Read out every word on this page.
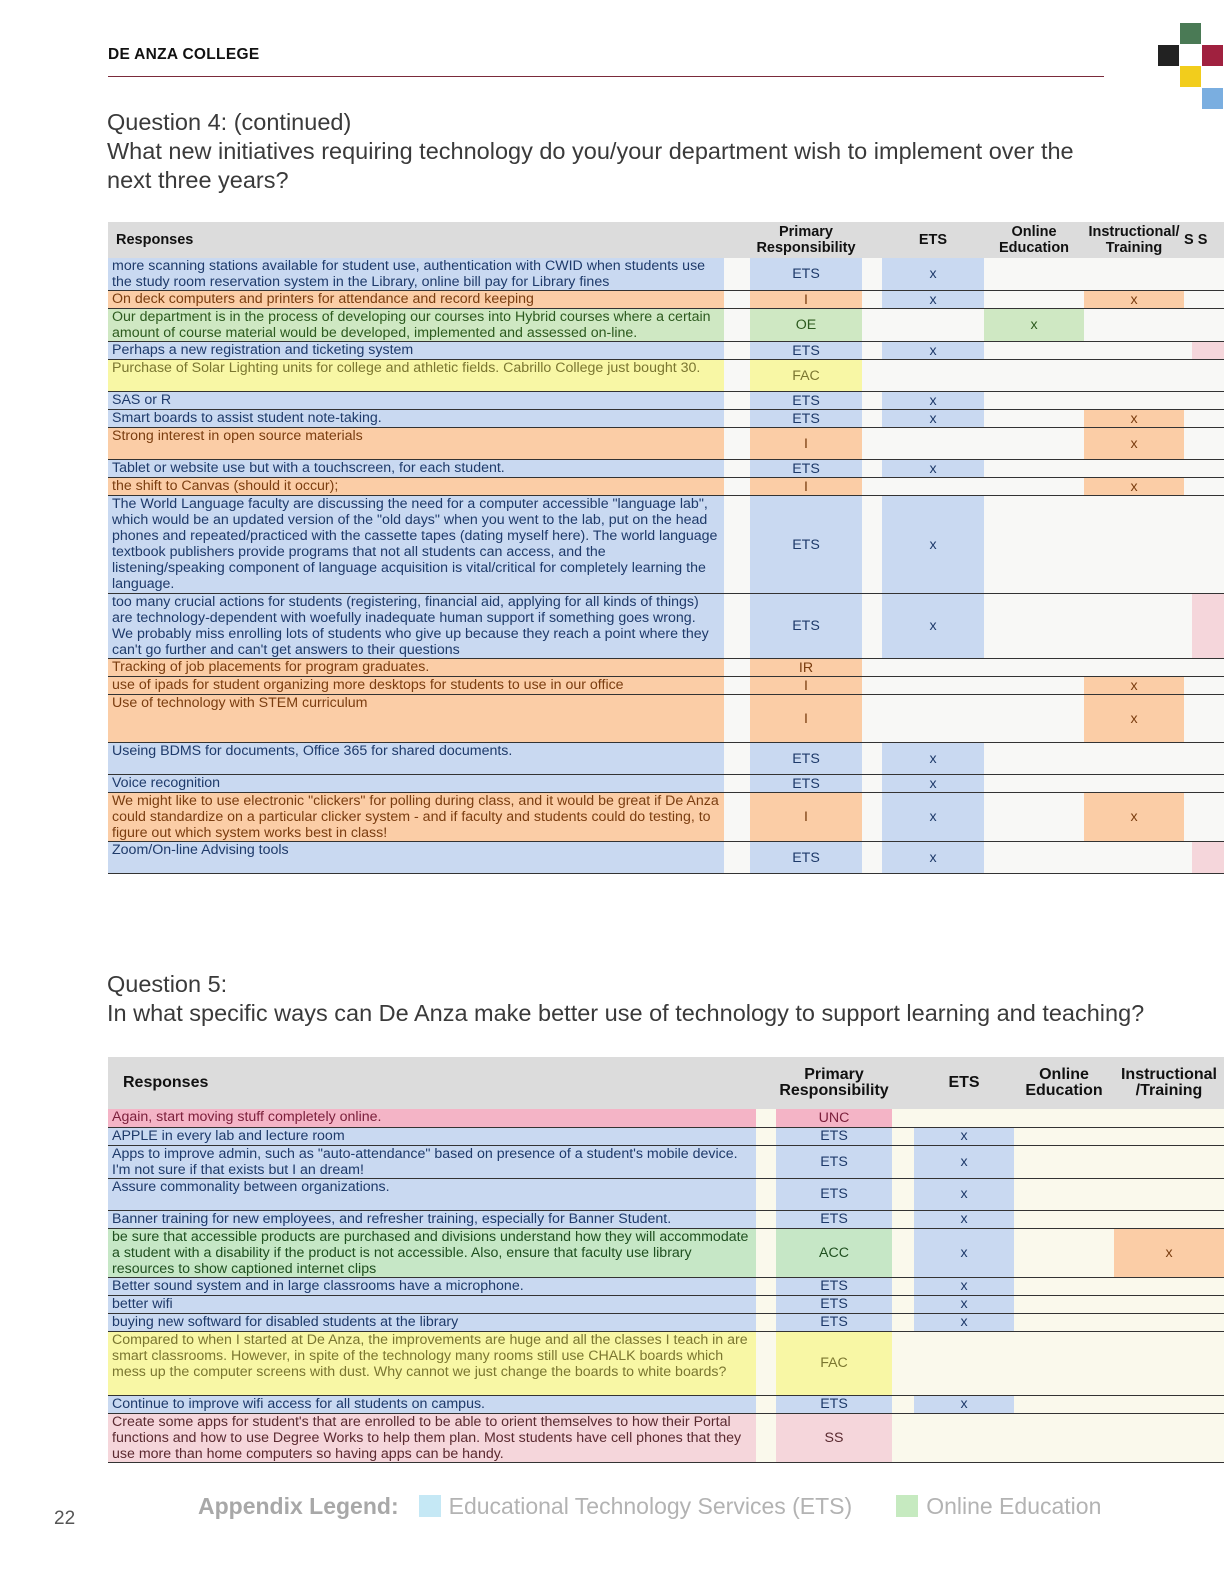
DE ANZA COLLEGE
Question 4: (continued)
What new initiatives requiring technology do you/your department wish to implement over the next three years?
Responses		Primary Responsibility		ETS	Online Education	Instructional/ Training	S S
more scanning stations available for student use, authentication with CWID when students use the study room reservation system in the Library, online bill pay for Library fines		ETS		x			
On deck computers and printers for attendance and record keeping		I		x		x	
Our department is in the process of developing our courses into Hybrid courses where a certain amount of course material would be developed, implemented and assessed on-line.		OE			x		
Perhaps a new registration and ticketing system		ETS		x			
Purchase of Solar Lighting units for college and athletic fields. Cabrillo College just bought 30.		FAC					
SAS or R		ETS		x			
Smart boards to assist student note-taking.		ETS		x		x	
Strong interest in open source materials		I				x	
Tablet or website use but with a touchscreen, for each student.		ETS		x			
the shift to Canvas (should it occur);		I				x	
The World Language faculty are discussing the need for a computer accessible "language lab", which would be an updated version of the "old days" when you went to the lab, put on the head phones and repeated/practiced with the cassette tapes (dating myself here). The world language textbook publishers provide programs that not all students can access, and the listening/speaking component of language acquisition is vital/critical for completely learning the language.		ETS		x			
too many crucial actions for students (registering, financial aid, applying for all kinds of things) are technology-dependent with woefully inadequate human support if something goes wrong. We probably miss enrolling lots of students who give up because they reach a point where they can't go further and can't get answers to their questions		ETS		x			
Tracking of job placements for program graduates.		IR					
use of ipads for student organizing more desktops for students to use in our office		I				x	
Use of technology with STEM curriculum		I				x	
Useing BDMS for documents, Office 365 for shared documents.		ETS		x			
Voice recognition		ETS		x			
We might like to use electronic "clickers" for polling during class, and it would be great if De Anza could standardize on a particular clicker system - and if faculty and students could do testing, to figure out which system works best in class!		I		x		x	
Zoom/On-line Advising tools		ETS		x			
Question 5:
In what specific ways can De Anza make better use of technology to support learning and teaching?
Responses		Primary Responsibility		ETS	Online Education	Instructional /Training
Again, start moving stuff completely online.		UNC				
APPLE in every lab and lecture room		ETS		x		
Apps to improve admin, such as "auto-attendance" based on presence of a student's mobile device. I'm not sure if that exists but I an dream!		ETS		x		
Assure commonality between organizations.		ETS		x		
Banner training for new employees, and refresher training, especially for Banner Student.		ETS		x		
be sure that accessible products are purchased and divisions understand how they will accommodate a student with a disability if the product is not accessible. Also, ensure that faculty use library resources to show captioned internet clips		ACC		x		x
Better sound system and in large classrooms have a microphone.		ETS		x		
better wifi		ETS		x		
buying new softward for disabled students at the library		ETS		x		
Compared to when I started at De Anza, the improvements are huge and all the classes I teach in are smart classrooms. However, in spite of the technology many rooms still use CHALK boards which mess up the computer screens with dust. Why cannot we just change the boards to white boards?		FAC				
Continue to improve wifi access for all students on campus.		ETS		x		
Create some apps for student's that are enrolled to be able to orient themselves to how their Portal functions and how to use Degree Works to help them plan. Most students have cell phones that they use more than home computers so having apps can be handy.		SS				
Appendix Legend: Educational Technology Services (ETS)	Online Education
22
